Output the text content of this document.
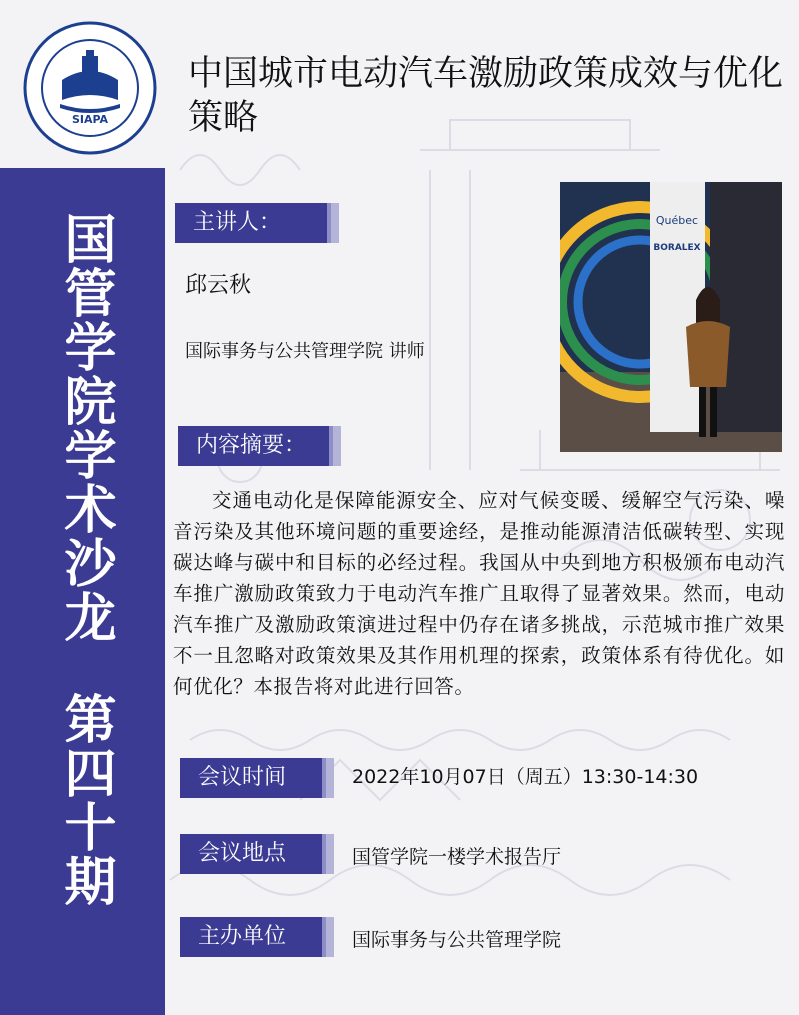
SIAPA
国管学院学术沙龙第四十期
中国城市电动汽车激励政策成效与优化策略
主讲人：
邱云秋
国际事务与公共管理学院 讲师
Québec
BORALEX
内容摘要：
交通电动化是保障能源安全、应对气候变暖、缓解空气污染、噪音污染及其他环境问题的重要途经，是推动能源清洁低碳转型、实现碳达峰与碳中和目标的必经过程。我国从中央到地方积极颁布电动汽车推广激励政策致力于电动汽车推广且取得了显著效果。然而，电动汽车推广及激励政策演进过程中仍存在诸多挑战，示范城市推广效果不一且忽略对政策效果及其作用机理的探索，政策体系有待优化。如何优化？本报告将对此进行回答。
会议时间	2022年10月07日（周五）13:30-14:30
会议地点	国管学院一楼学术报告厅
主办单位	国际事务与公共管理学院
